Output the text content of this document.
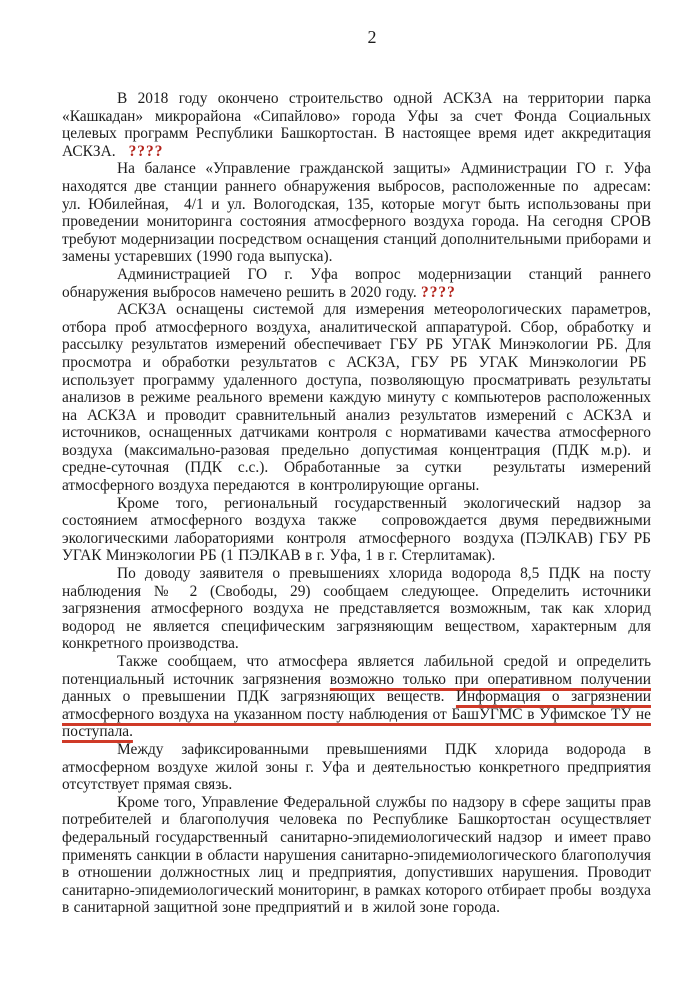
2

В 2018 году окончено строительство одной АСКЗА на территории парка «Кашкадан» микрорайона «Сипайлово» города Уфы за счет Фонда Социальных целевых программ Республики Башкортостан. В настоящее время идет аккредитация АСКЗА.   ????

На балансе «Управление гражданской защиты» Администрации ГО г. Уфа находятся две станции раннего обнаружения выбросов, расположенные по  адресам: ул. Юбилейная,  4/1 и ул. Вологодская, 135, которые могут быть использованы при проведении мониторинга состояния атмосферного воздуха города. На сегодня СРОВ требуют модернизации посредством оснащения станций дополнительными приборами и замены устаревших (1990 года выпуска).

Администрацией ГО г. Уфа вопрос модернизации станций раннего обнаружения выбросов намечено решить в 2020 году. ????

АСКЗА оснащены системой для измерения метеорологических параметров, отбора проб атмосферного воздуха, аналитической аппаратурой. Сбор, обработку и рассылку результатов измерений обеспечивает ГБУ РБ УГАК Минэкологии РБ. Для просмотра и обработки результатов с АСКЗА, ГБУ РБ УГАК Минэкологии РБ  использует программу удаленного доступа, позволяющую просматривать результаты анализов в режиме реального времени каждую минуту с компьютеров расположенных на АСКЗА и проводит сравнительный анализ результатов измерений с АСКЗА и источников, оснащенных датчиками контроля с нормативами качества атмосферного воздуха (максимально-разовая предельно допустимая концентрация (ПДК м.р). и средне-суточная (ПДК с.с.). Обработанные за сутки  результаты измерений атмосферного воздуха передаются  в контролирующие органы.

Кроме того, региональный государственный экологический надзор за состоянием атмосферного воздуха также  сопровождается двумя передвижными экологическими лабораториями  контроля  атмосферного  воздуха (ПЭЛКАВ) ГБУ РБ УГАК Минэкологии РБ (1 ПЭЛКАВ в г. Уфа, 1 в г. Стерлитамак).

По доводу заявителя о превышениях хлорида водорода 8,5 ПДК на посту наблюдения № 2 (Свободы, 29) сообщаем следующее. Определить источники загрязнения атмосферного воздуха не представляется возможным, так как хлорид водород не является специфическим загрязняющим веществом, характерным для конкретного производства.

Также сообщаем, что атмосфера является лабильной средой и определить потенциальный источник загрязнения возможно только при оперативном получении данных о превышении ПДК загрязняющих веществ. Информация о загрязнении атмосферного воздуха на указанном посту наблюдения от БашУГМС в Уфимское ТУ не поступала.

Между зафиксированными превышениями ПДК хлорида водорода в атмосферном воздухе жилой зоны г. Уфа и деятельностью конкретного предприятия отсутствует прямая связь.

Кроме того, Управление Федеральной службы по надзору в сфере защиты прав потребителей и благополучия человека по Республике Башкортостан осуществляет федеральный государственный  санитарно-эпидемиологический надзор  и имеет право применять санкции в области нарушения санитарно-эпидемиологического благополучия в отношении должностных лиц и предприятия, допустивших нарушения. Проводит санитарно-эпидемиологический мониторинг, в рамках которого отбирает пробы  воздуха в санитарной защитной зоне предприятий и  в жилой зоне города.
